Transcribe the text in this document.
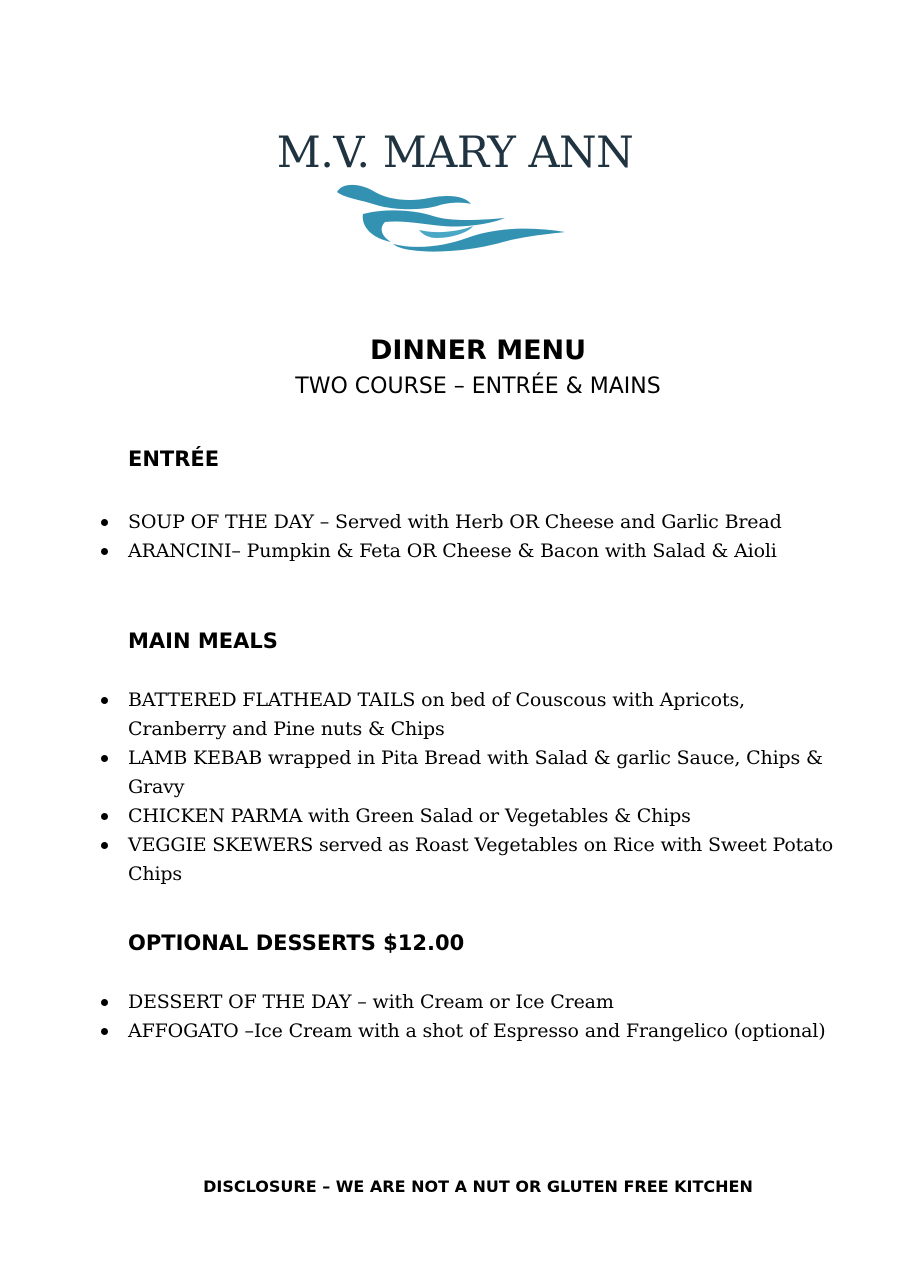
M.V. MARY ANN
DINNER MENU
TWO COURSE – ENTRÉE & MAINS
ENTRÉE
SOUP OF THE DAY – Served with Herb OR Cheese and Garlic Bread
ARANCINI– Pumpkin & Feta OR Cheese & Bacon with Salad & Aioli
MAIN MEALS
BATTERED FLATHEAD TAILS on bed of Couscous with Apricots, Cranberry and Pine nuts & Chips
LAMB KEBAB wrapped in Pita Bread with Salad & garlic Sauce, Chips & Gravy
CHICKEN PARMA with Green Salad or Vegetables & Chips
VEGGIE SKEWERS served as Roast Vegetables on Rice with Sweet Potato Chips
OPTIONAL DESSERTS $12.00
DESSERT OF THE DAY – with Cream or Ice Cream
AFFOGATO –Ice Cream with a shot of Espresso and Frangelico (optional)
DISCLOSURE – WE ARE NOT A NUT OR GLUTEN FREE KITCHEN
